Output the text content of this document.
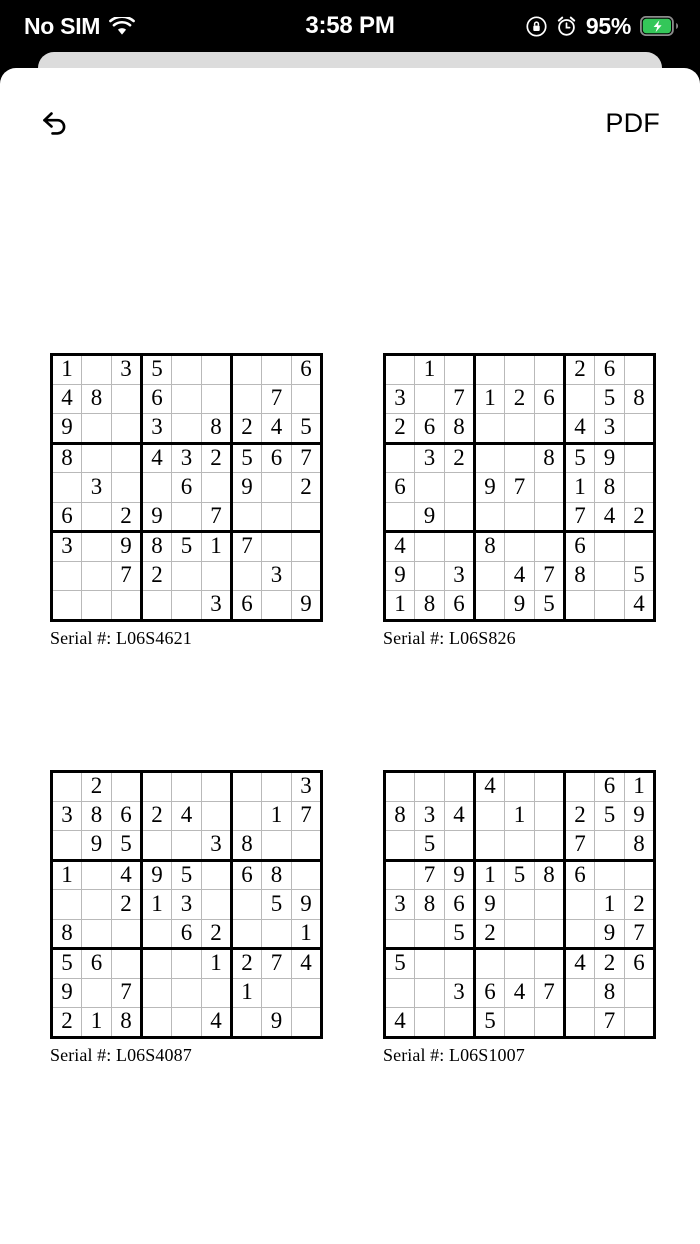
No SIM	3:58 PM	95%
PDF
1		3	5					6
4	8		6				7	
9			3		8	2	4	5
8			4	3	2	5	6	7
	3			6		9		2
6		2	9		7			
3		9	8	5	1	7		
		7	2				3	
					3	6		9
Serial #: L06S4621
	1					2	6	
3		7	1	2	6		5	8
2	6	8				4	3	
	3	2			8	5	9	
6			9	7		1	8	
	9					7	4	2
4			8			6		
9		3		4	7	8		5
1	8	6		9	5			4
Serial #: L06S826
	2							3
3	8	6	2	4			1	7
	9	5			3	8		
1		4	9	5		6	8	
		2	1	3			5	9
8				6	2			1
5	6				1	2	7	4
9		7				1		
2	1	8			4		9	
Serial #: L06S4087
			4				6	1
8	3	4		1		2	5	9
	5					7		8
	7	9	1	5	8	6		
3	8	6	9				1	2
		5	2				9	7
5						4	2	6
		3	6	4	7		8	
4			5				7	
Serial #: L06S1007
